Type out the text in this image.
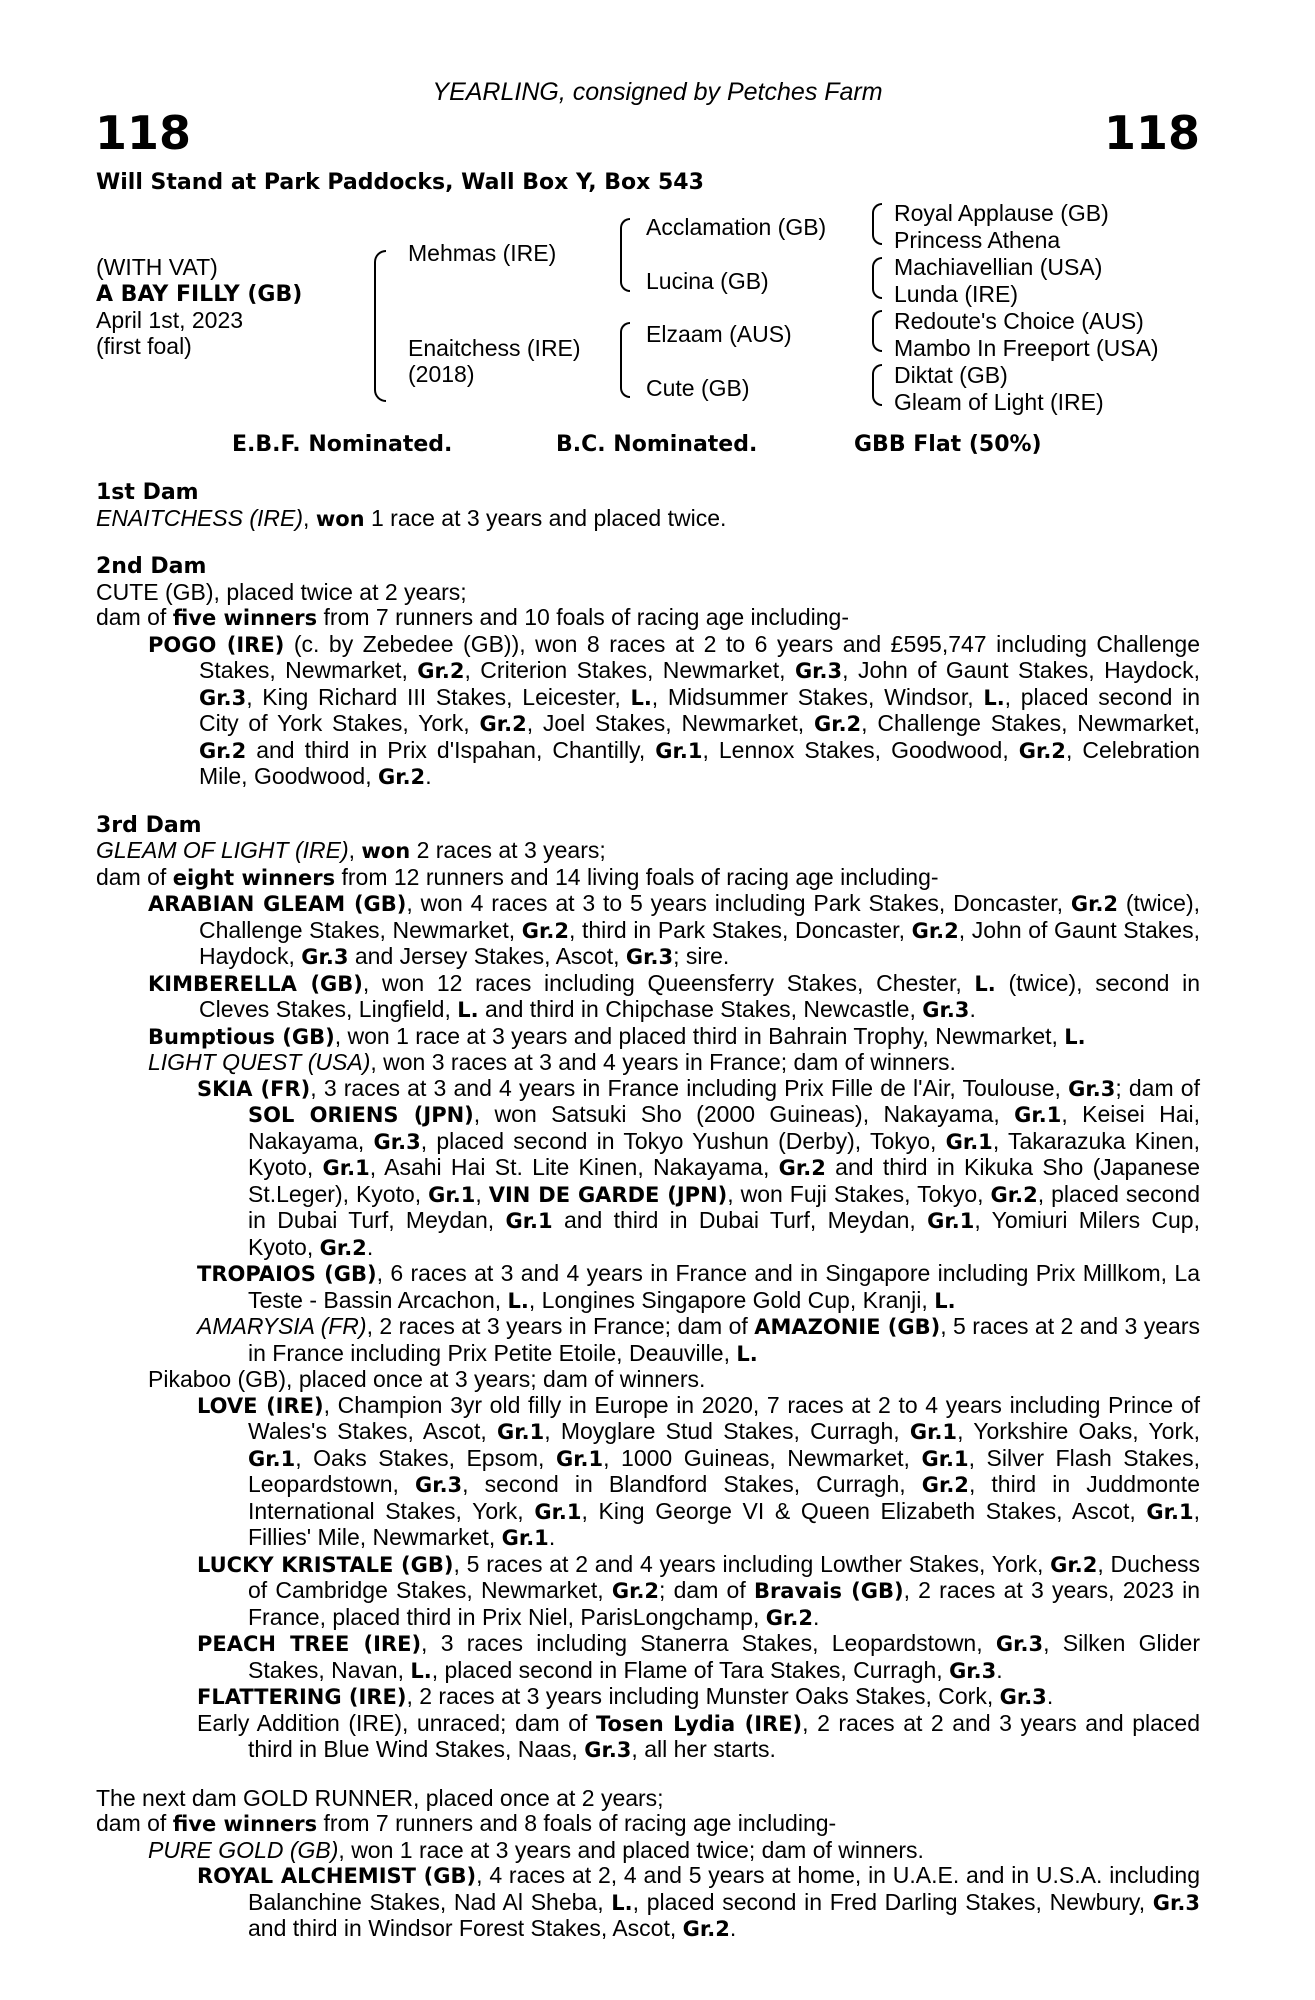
118	118
YEARLING, consigned by Petches Farm
Will Stand at Park Paddocks, Wall Box Y, Box 543
(WITH VAT)
A BAY FILLY (GB)
April 1st, 2023
(first foal)
Mehmas (IRE)
Enaitchess (IRE)
(2018)
Acclamation (GB)
Lucina (GB)
Elzaam (AUS)
Cute (GB)
Royal Applause (GB)
Princess Athena
Machiavellian (USA)
Lunda (IRE)
Redoute's Choice (AUS)
Mambo In Freeport (USA)
Diktat (GB)
Gleam of Light (IRE)
E.B.F. Nominated.	B.C. Nominated.	GBB Flat (50%)
1st Dam

ENAITCHESS (IRE), won 1 race at 3 years and placed twice.

2nd Dam

CUTE (GB), placed twice at 2 years;

dam of five winners from 7 runners and 10 foals of racing age including-

POGO (IRE) (c. by Zebedee (GB)), won 8 races at 2 to 6 years and £595,747 including Challenge Stakes, Newmarket, Gr.2, Criterion Stakes, Newmarket, Gr.3, John of Gaunt Stakes, Haydock, Gr.3, King Richard III Stakes, Leicester, L., Midsummer Stakes, Windsor, L., placed second in City of York Stakes, York, Gr.2, Joel Stakes, Newmarket, Gr.2, Challenge Stakes, Newmarket, Gr.2 and third in Prix d'Ispahan, Chantilly, Gr.1, Lennox Stakes, Goodwood, Gr.2, Celebration Mile, Goodwood, Gr.2.

3rd Dam

GLEAM OF LIGHT (IRE), won 2 races at 3 years;

dam of eight winners from 12 runners and 14 living foals of racing age including-

ARABIAN GLEAM (GB), won 4 races at 3 to 5 years including Park Stakes, Doncaster, Gr.2 (twice), Challenge Stakes, Newmarket, Gr.2, third in Park Stakes, Doncaster, Gr.2, John of Gaunt Stakes, Haydock, Gr.3 and Jersey Stakes, Ascot, Gr.3; sire.

KIMBERELLA (GB), won 12 races including Queensferry Stakes, Chester, L. (twice), second in Cleves Stakes, Lingfield, L. and third in Chipchase Stakes, Newcastle, Gr.3.

Bumptious (GB), won 1 race at 3 years and placed third in Bahrain Trophy, Newmarket, L.

LIGHT QUEST (USA), won 3 races at 3 and 4 years in France; dam of winners.

SKIA (FR), 3 races at 3 and 4 years in France including Prix Fille de l'Air, Toulouse, Gr.3; dam of SOL ORIENS (JPN), won Satsuki Sho (2000 Guineas), Nakayama, Gr.1, Keisei Hai, Nakayama, Gr.3, placed second in Tokyo Yushun (Derby), Tokyo, Gr.1, Takarazuka Kinen, Kyoto, Gr.1, Asahi Hai St. Lite Kinen, Nakayama, Gr.2 and third in Kikuka Sho (Japanese St.Leger), Kyoto, Gr.1, VIN DE GARDE (JPN), won Fuji Stakes, Tokyo, Gr.2, placed second in Dubai Turf, Meydan, Gr.1 and third in Dubai Turf, Meydan, Gr.1, Yomiuri Milers Cup, Kyoto, Gr.2.

TROPAIOS (GB), 6 races at 3 and 4 years in France and in Singapore including Prix Millkom, La Teste - Bassin Arcachon, L., Longines Singapore Gold Cup, Kranji, L.

AMARYSIA (FR), 2 races at 3 years in France; dam of AMAZONIE (GB), 5 races at 2 and 3 years in France including Prix Petite Etoile, Deauville, L.

Pikaboo (GB), placed once at 3 years; dam of winners.

LOVE (IRE), Champion 3yr old filly in Europe in 2020, 7 races at 2 to 4 years including Prince of Wales's Stakes, Ascot, Gr.1, Moyglare Stud Stakes, Curragh, Gr.1, Yorkshire Oaks, York, Gr.1, Oaks Stakes, Epsom, Gr.1, 1000 Guineas, Newmarket, Gr.1, Silver Flash Stakes, Leopardstown, Gr.3, second in Blandford Stakes, Curragh, Gr.2, third in Juddmonte International Stakes, York, Gr.1, King George VI & Queen Elizabeth Stakes, Ascot, Gr.1, Fillies' Mile, Newmarket, Gr.1.

LUCKY KRISTALE (GB), 5 races at 2 and 4 years including Lowther Stakes, York, Gr.2, Duchess of Cambridge Stakes, Newmarket, Gr.2; dam of Bravais (GB), 2 races at 3 years, 2023 in France, placed third in Prix Niel, ParisLongchamp, Gr.2.

PEACH TREE (IRE), 3 races including Stanerra Stakes, Leopardstown, Gr.3, Silken Glider Stakes, Navan, L., placed second in Flame of Tara Stakes, Curragh, Gr.3.

FLATTERING (IRE), 2 races at 3 years including Munster Oaks Stakes, Cork, Gr.3.

Early Addition (IRE), unraced; dam of Tosen Lydia (IRE), 2 races at 2 and 3 years and placed third in Blue Wind Stakes, Naas, Gr.3, all her starts.

The next dam GOLD RUNNER, placed once at 2 years;

dam of five winners from 7 runners and 8 foals of racing age including-

PURE GOLD (GB), won 1 race at 3 years and placed twice; dam of winners.

ROYAL ALCHEMIST (GB), 4 races at 2, 4 and 5 years at home, in U.A.E. and in U.S.A. including Balanchine Stakes, Nad Al Sheba, L., placed second in Fred Darling Stakes, Newbury, Gr.3 and third in Windsor Forest Stakes, Ascot, Gr.2.
